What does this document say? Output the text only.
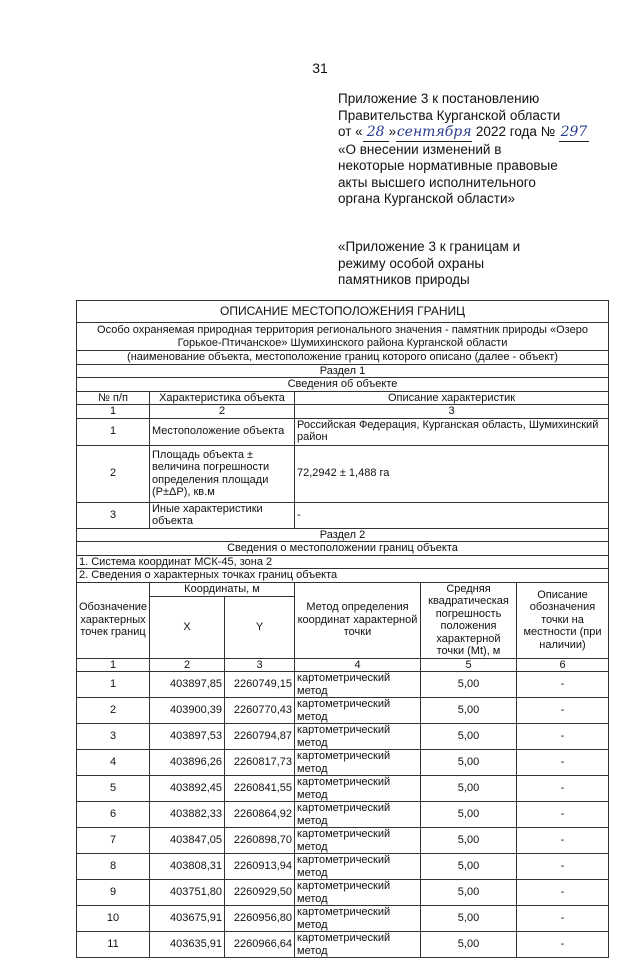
31
Приложение 3 к постановлению
Правительства Курганской области
от « 28 »сентября 2022 года № 297
«О внесении изменений в
некоторые нормативные правовые
акты высшего исполнительного
органа Курганской области»
«Приложение 3 к границам и
режиму особой охраны
памятников природы
ОПИСАНИЕ МЕСТОПОЛОЖЕНИЯ ГРАНИЦ					

Особо охраняемая природная территория регионального значения - памятник природы «Озеро
Горькое-Птичанское» Шумихинского района Курганской области					

(наименование объекта, местоположение границ которого описано (далее - объект)					
Раздел 1					
Сведения об объекте					
№ п/п	Характеристика объекта		Описание характеристик		
1	2		3		
1	Местоположение объекта		Российская Федерация, Курганская область, Шумихинский район		
2	Площадь объекта ± величина погрешности определения площади (P±ΔP), кв.м		72,2942 ± 1,488 га		
3	Иные характеристики объекта		-		
Раздел 2					
Сведения о местоположении границ объекта					
1. Система координат МСК-45, зона 2					
2. Сведения о характерных точках границ объекта					
Обозначение характерных точек границ	Координаты, м		Метод определения координат характерной точки	Средняя квадратическая погрешность положения характерной точки (Mt), м	Описание обозначения точки на местности (при наличии)
	X	Y			
1	2	3	4	5	6
1	403897,85	2260749,15	картометрический метод	5,00	-
2	403900,39	2260770,43	картометрический метод	5,00	-
3	403897,53	2260794,87	картометрический метод	5,00	-
4	403896,26	2260817,73	картометрический метод	5,00	-
5	403892,45	2260841,55	картометрический метод	5,00	-
6	403882,33	2260864,92	картометрический метод	5,00	-
7	403847,05	2260898,70	картометрический метод	5,00	-
8	403808,31	2260913,94	картометрический метод	5,00	-
9	403751,80	2260929,50	картометрический метод	5,00	-
10	403675,91	2260956,80	картометрический метод	5,00	-
11	403635,91	2260966,64	картометрический метод	5,00	-
